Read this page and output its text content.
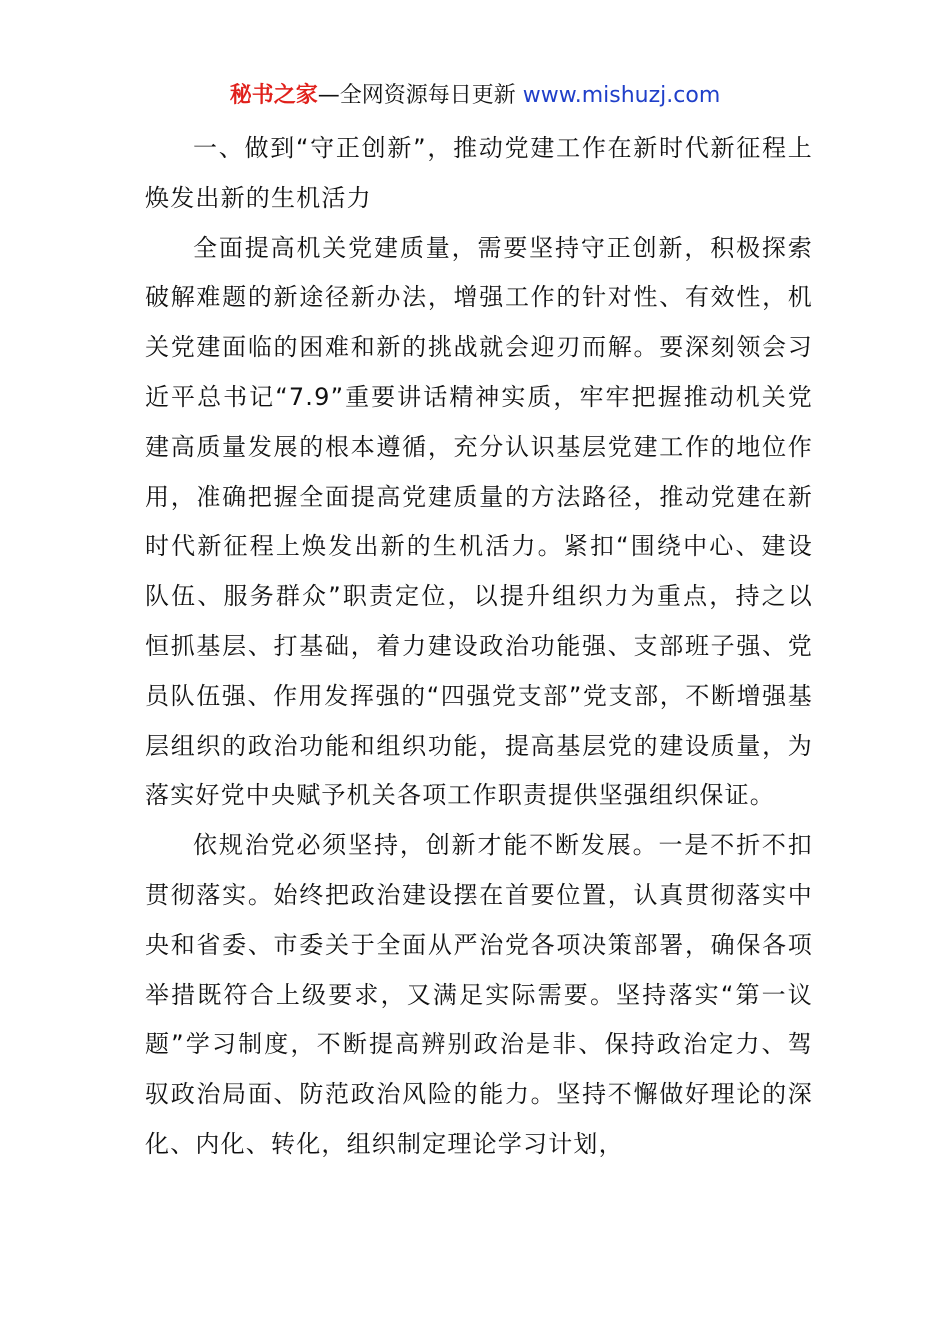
秘书之家—全网资源每日更新 www.mishuzj.com

一、做到“守正创新”，推动党建工作在新时代新征程上焕发出新的生机活力

全面提高机关党建质量，需要坚持守正创新，积极探索破解难题的新途径新办法，增强工作的针对性、有效性，机关党建面临的困难和新的挑战就会迎刃而解。要深刻领会习近平总书记“7.9”重要讲话精神实质，牢牢把握推动机关党建高质量发展的根本遵循，充分认识基层党建工作的地位作用，准确把握全面提高党建质量的方法路径，推动党建在新时代新征程上焕发出新的生机活力。紧扣“围绕中心、建设队伍、服务群众”职责定位，以提升组织力为重点，持之以恒抓基层、打基础，着力建设政治功能强、支部班子强、党员队伍强、作用发挥强的“四强党支部”党支部，不断增强基层组织的政治功能和组织功能，提高基层党的建设质量，为落实好党中央赋予机关各项工作职责提供坚强组织保证。

依规治党必须坚持，创新才能不断发展。一是不折不扣贯彻落实。始终把政治建设摆在首要位置，认真贯彻落实中央和省委、市委关于全面从严治党各项决策部署，确保各项举措既符合上级要求，又满足实际需要。坚持落实“第一议题”学习制度，不断提高辨别政治是非、保持政治定力、驾驭政治局面、防范政治风险的能力。坚持不懈做好理论的深化、内化、转化，组织制定理论学习计划，
